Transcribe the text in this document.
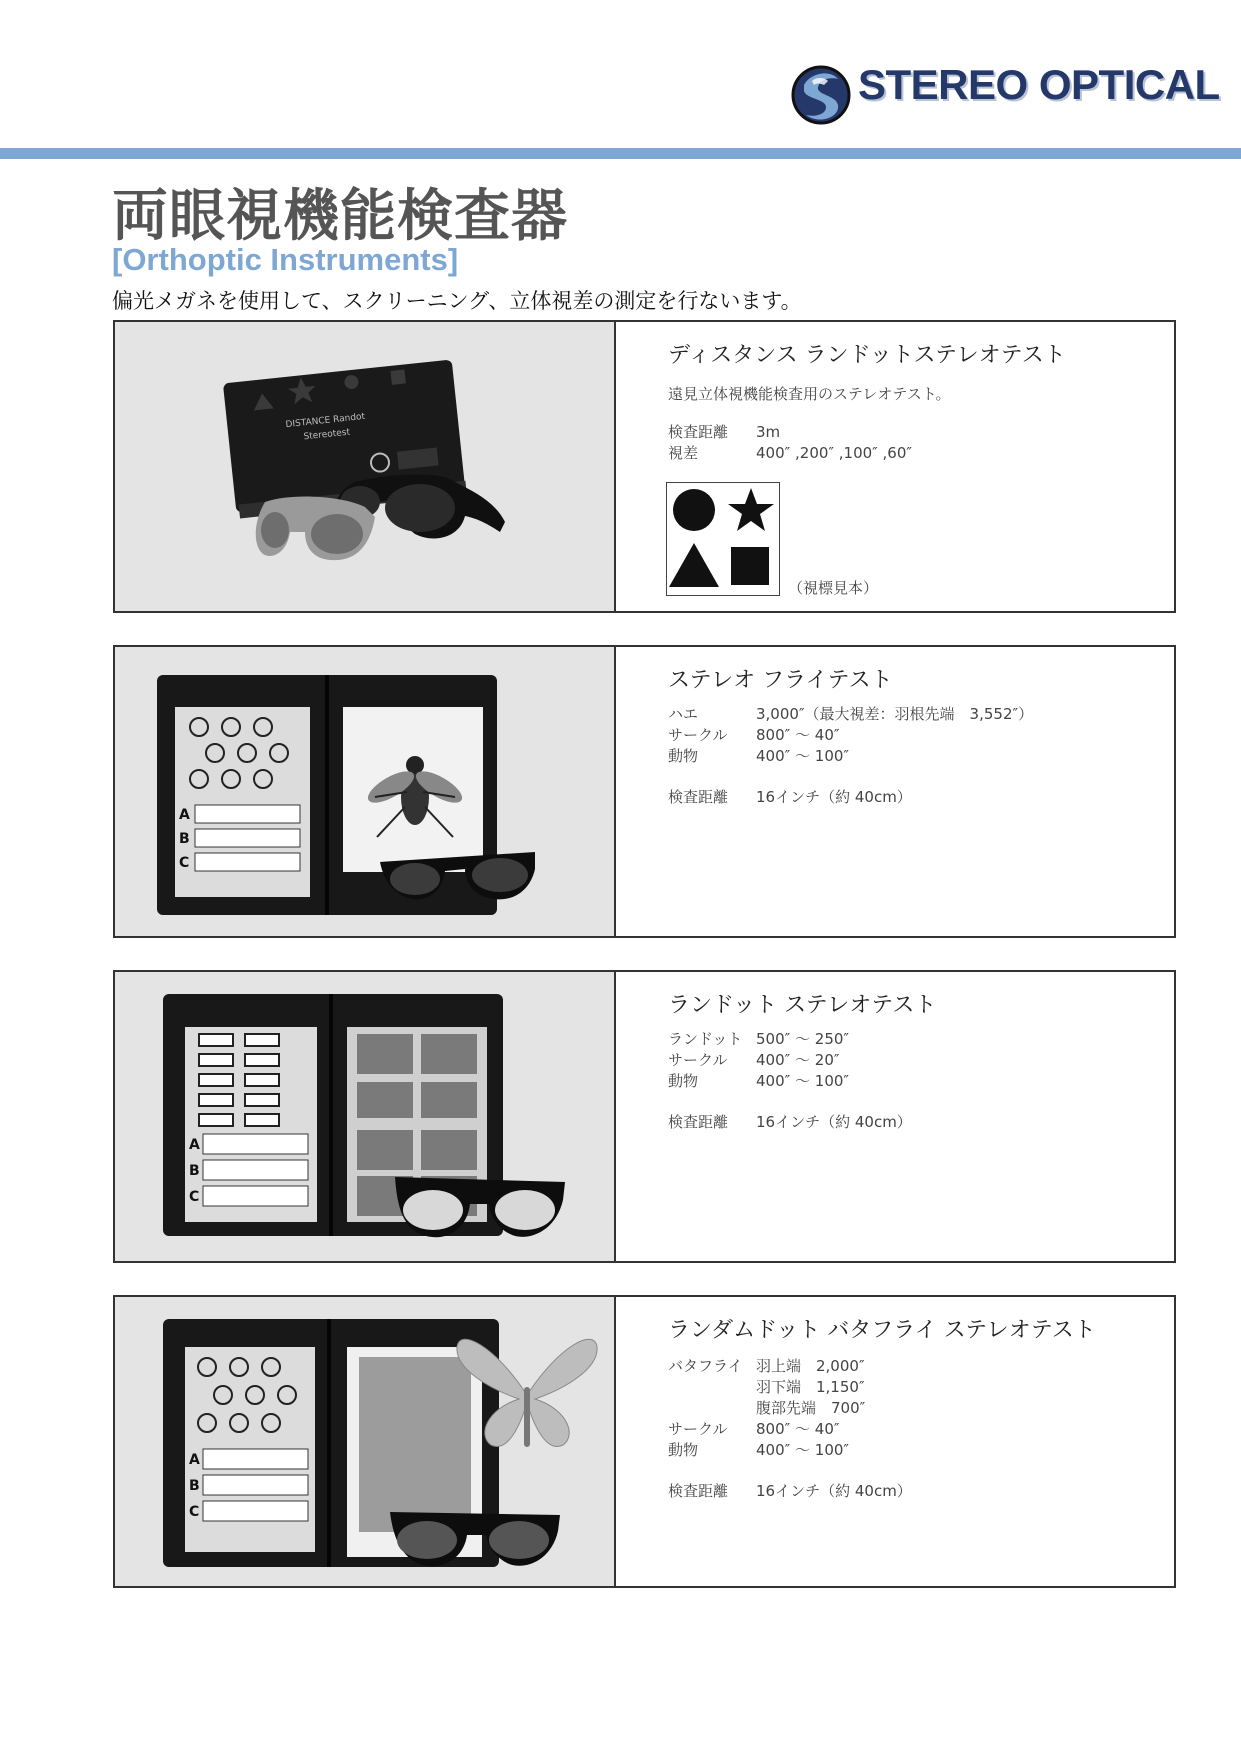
STEREO OPTICAL
両眼視機能検査器
[Orthoptic Instruments]
偏光メガネを使用して、スクリーニング、立体視差の測定を行ないます。
DISTANCE Randot
Stereotest
ディスタンス ランドットステレオテスト
遠見立体視機能検査用のステレオテスト。
検査距離 3m
視差	400″ ,200″ ,100″ ,60″
（視標見本）
A
B
C
ステレオ フライテスト
ハエ	3,000″（最大視差：羽根先端　3,552″）
サークル 800″ ～ 40″
動物	400″ ～ 100″
検査距離 16インチ（約 40cm）
A
B
C
ランドット ステレオテスト
ランドット 500″ ～ 250″
サークル 400″ ～ 20″
動物	400″ ～ 100″
検査距離 16インチ（約 40cm）
A
B
C
ランダムドット バタフライ ステレオテスト
バタフライ 羽上端　2,000″
羽下端　1,150″
腹部先端　700″
サークル 800″ ～ 40″
動物	400″ ～ 100″
検査距離 16インチ（約 40cm）
